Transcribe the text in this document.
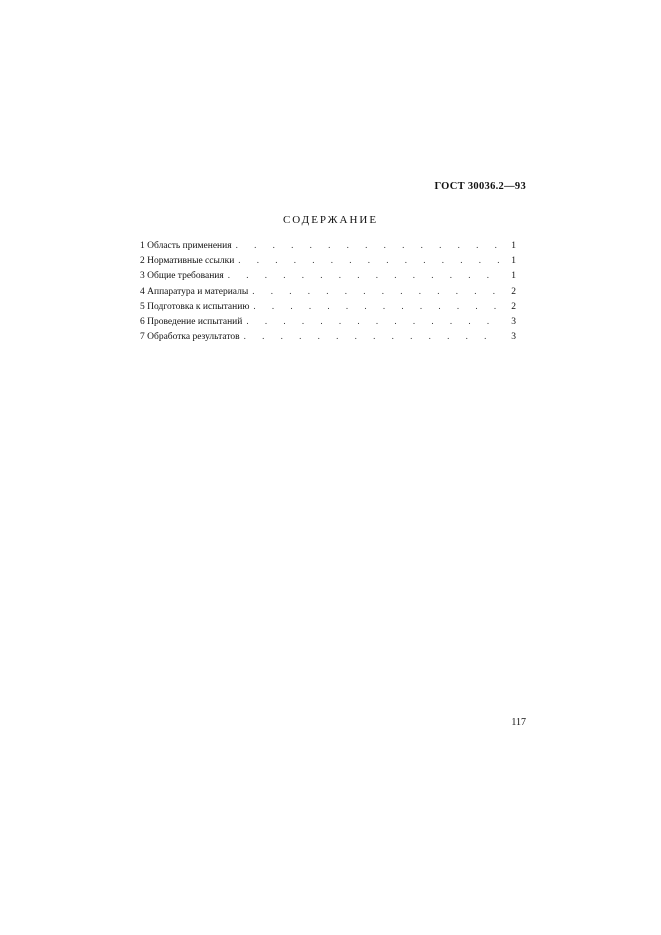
ГОСТ 30036.2—93
СОДЕРЖАНИЕ
1 Область применения . . .	1
2 Нормативные ссылки . . .	1
3 Общие требования . . .	1
4 Аппаратура и материалы . . .	2
5 Подготовка к испытанию . . .	2
6 Проведение испытаний . . .	3
7 Обработка результатов . . .	3
117
